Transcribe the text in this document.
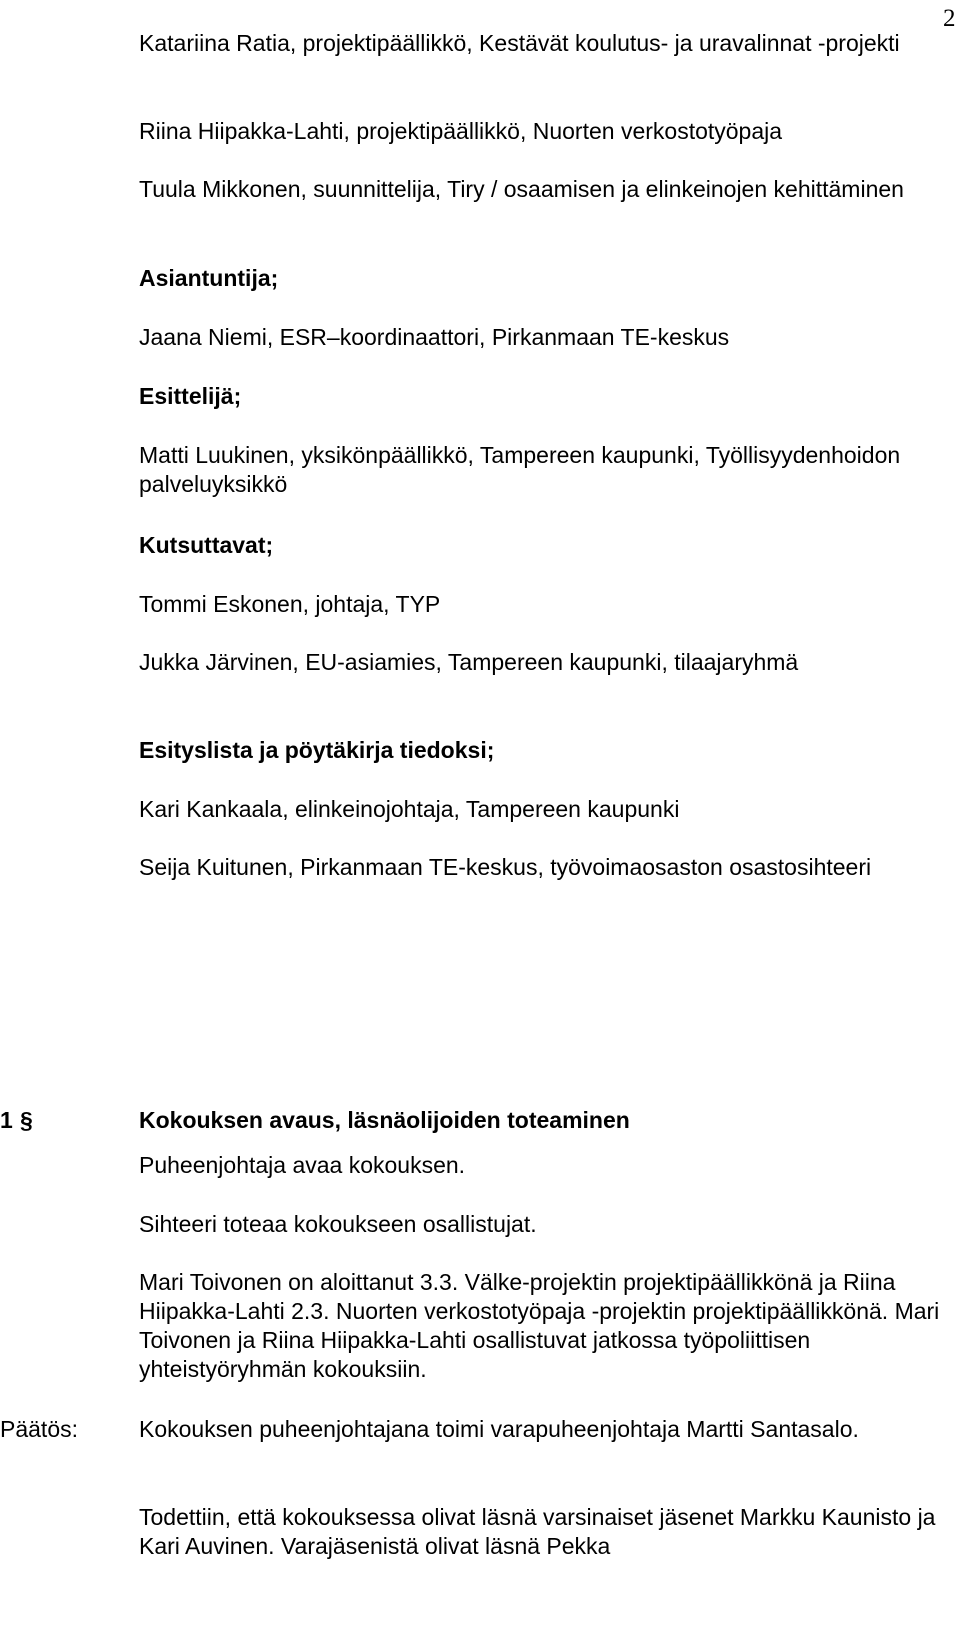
2
Katariina Ratia, projektipäällikkö, Kestävät koulutus- ja uravalinnat -projekti
Riina Hiipakka-Lahti, projektipäällikkö, Nuorten verkostotyöpaja
Tuula Mikkonen, suunnittelija, Tiry / osaamisen ja elinkeinojen kehittäminen
Asiantuntija;
Jaana Niemi, ESR–koordinaattori, Pirkanmaan TE-keskus
Esittelijä;
Matti Luukinen, yksikönpäällikkö, Tampereen kaupunki, Työllisyydenhoidon palveluyksikkö
Kutsuttavat;
Tommi Eskonen, johtaja, TYP
Jukka Järvinen, EU-asiamies, Tampereen kaupunki, tilaajaryhmä
Esityslista ja pöytäkirja tiedoksi;
Kari Kankaala, elinkeinojohtaja, Tampereen kaupunki
Seija Kuitunen, Pirkanmaan TE-keskus, työvoimaosaston osastosihteeri
1 §	Kokouksen avaus, läsnäolijoiden toteaminen
Puheenjohtaja avaa kokouksen.
Sihteeri toteaa kokoukseen osallistujat.
Mari Toivonen on aloittanut 3.3. Välke-projektin projektipäällikkönä ja Riina Hiipakka-Lahti 2.3. Nuorten verkostotyöpaja -projektin projektipäällikkönä. Mari Toivonen ja Riina Hiipakka-Lahti osallistuvat jatkossa työpoliittisen yhteistyöryhmän kokouksiin.
Päätös:	Kokouksen puheenjohtajana toimi varapuheenjohtaja Martti Santasalo.
Todettiin, että kokouksessa olivat läsnä varsinaiset jäsenet Markku Kaunisto ja Kari Auvinen. Varajäsenistä olivat läsnä Pekka
